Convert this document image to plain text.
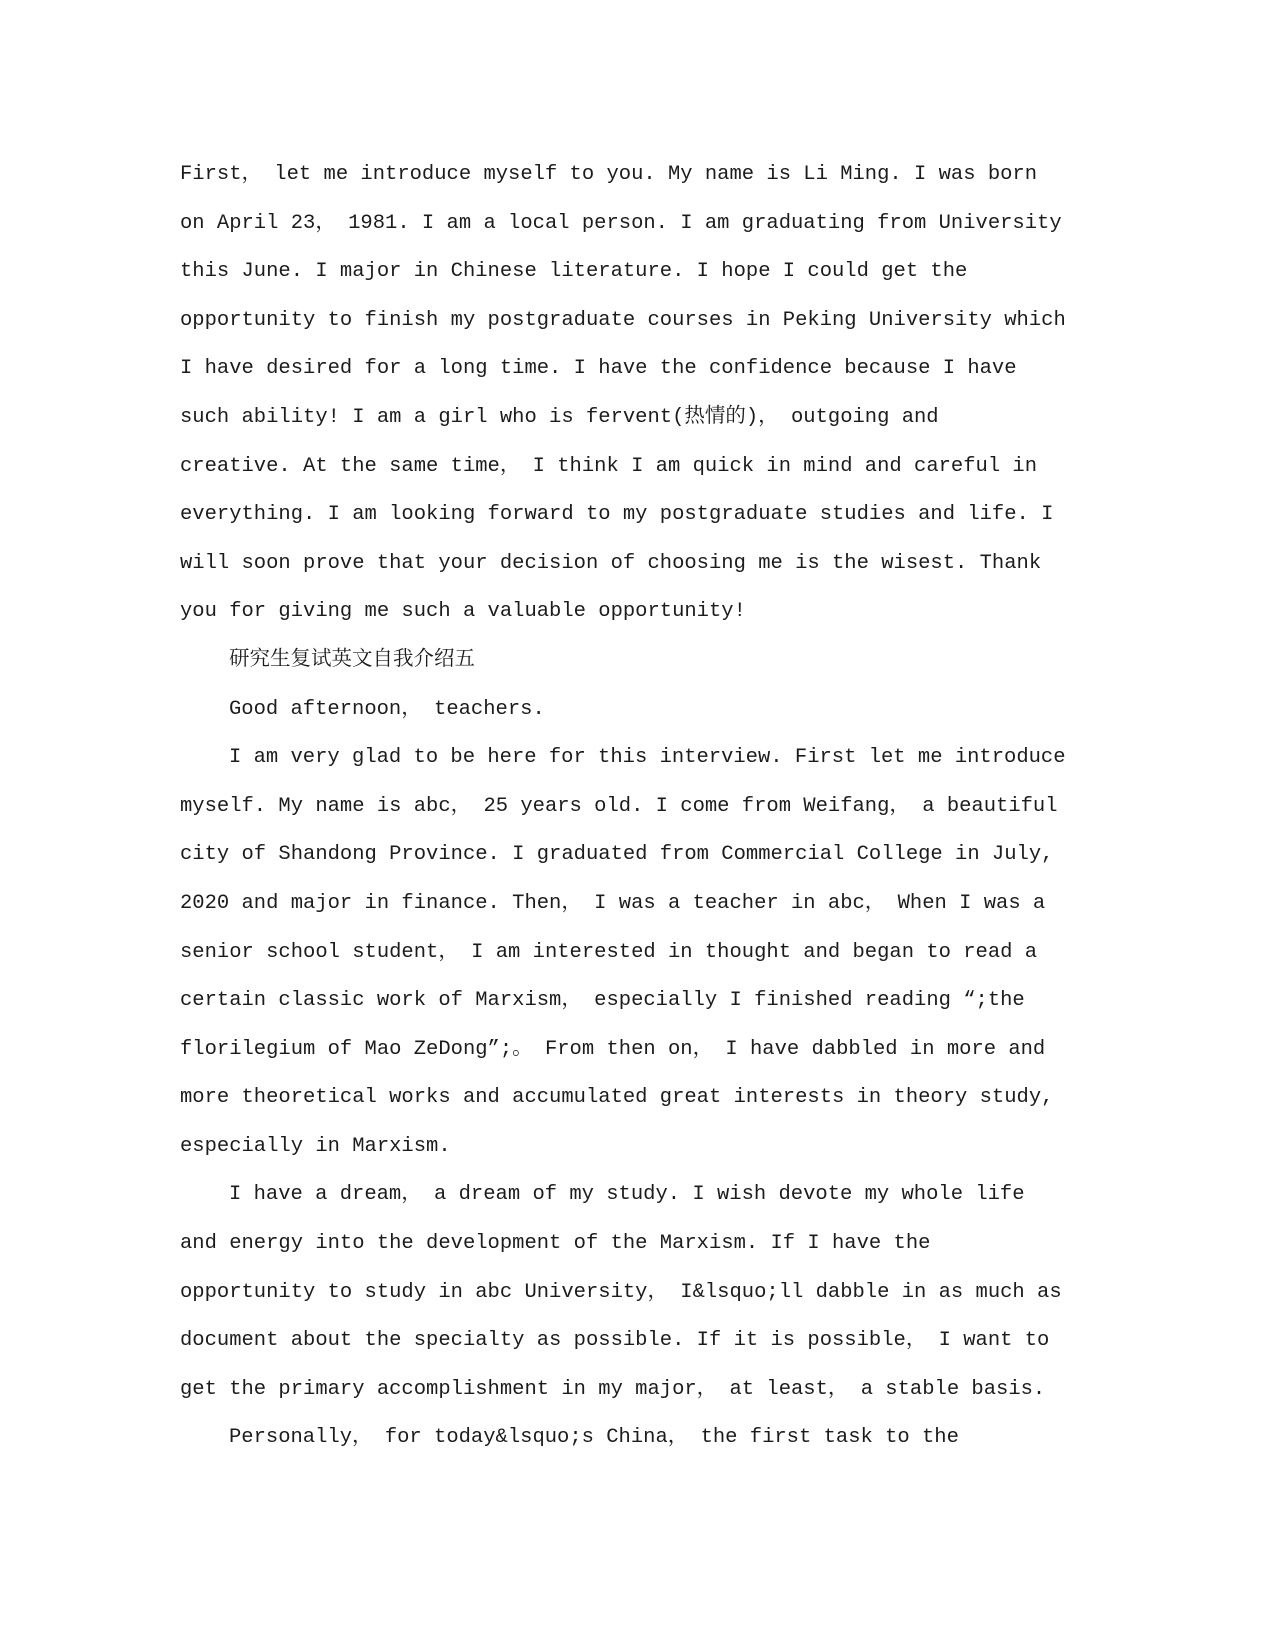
First， let me introduce myself to you. My name is Li Ming. I was born
on April 23， 1981. I am a local person. I am graduating from University
this June. I major in Chinese literature. I hope I could get the
opportunity to finish my postgraduate courses in Peking University which
I have desired for a long time. I have the confidence because I have
such ability! I am a girl who is fervent(热情的)， outgoing and
creative. At the same time， I think I am quick in mind and careful in
everything. I am looking forward to my postgraduate studies and life. I
will soon prove that your decision of choosing me is the wisest. Thank
you for giving me such a valuable opportunity!
研究生复试英文自我介绍五
Good afternoon， teachers.
I am very glad to be here for this interview. First let me introduce
myself. My name is abc， 25 years old. I come from Weifang， a beautiful
city of Shandong Province. I graduated from Commercial College in July,
2020 and major in finance. Then， I was a teacher in abc， When I was a
senior school student， I am interested in thought and began to read a
certain classic work of Marxism， especially I finished reading “;the
florilegium of Mao ZeDong”;。 From then on， I have dabbled in more and
more theoretical works and accumulated great interests in theory study,
especially in Marxism.
I have a dream， a dream of my study. I wish devote my whole life
and energy into the development of the Marxism. If I have the
opportunity to study in abc University， I&lsquo;ll dabble in as much as
document about the specialty as possible. If it is possible， I want to
get the primary accomplishment in my major， at least， a stable basis.
Personally， for today&lsquo;s China， the first task to the
